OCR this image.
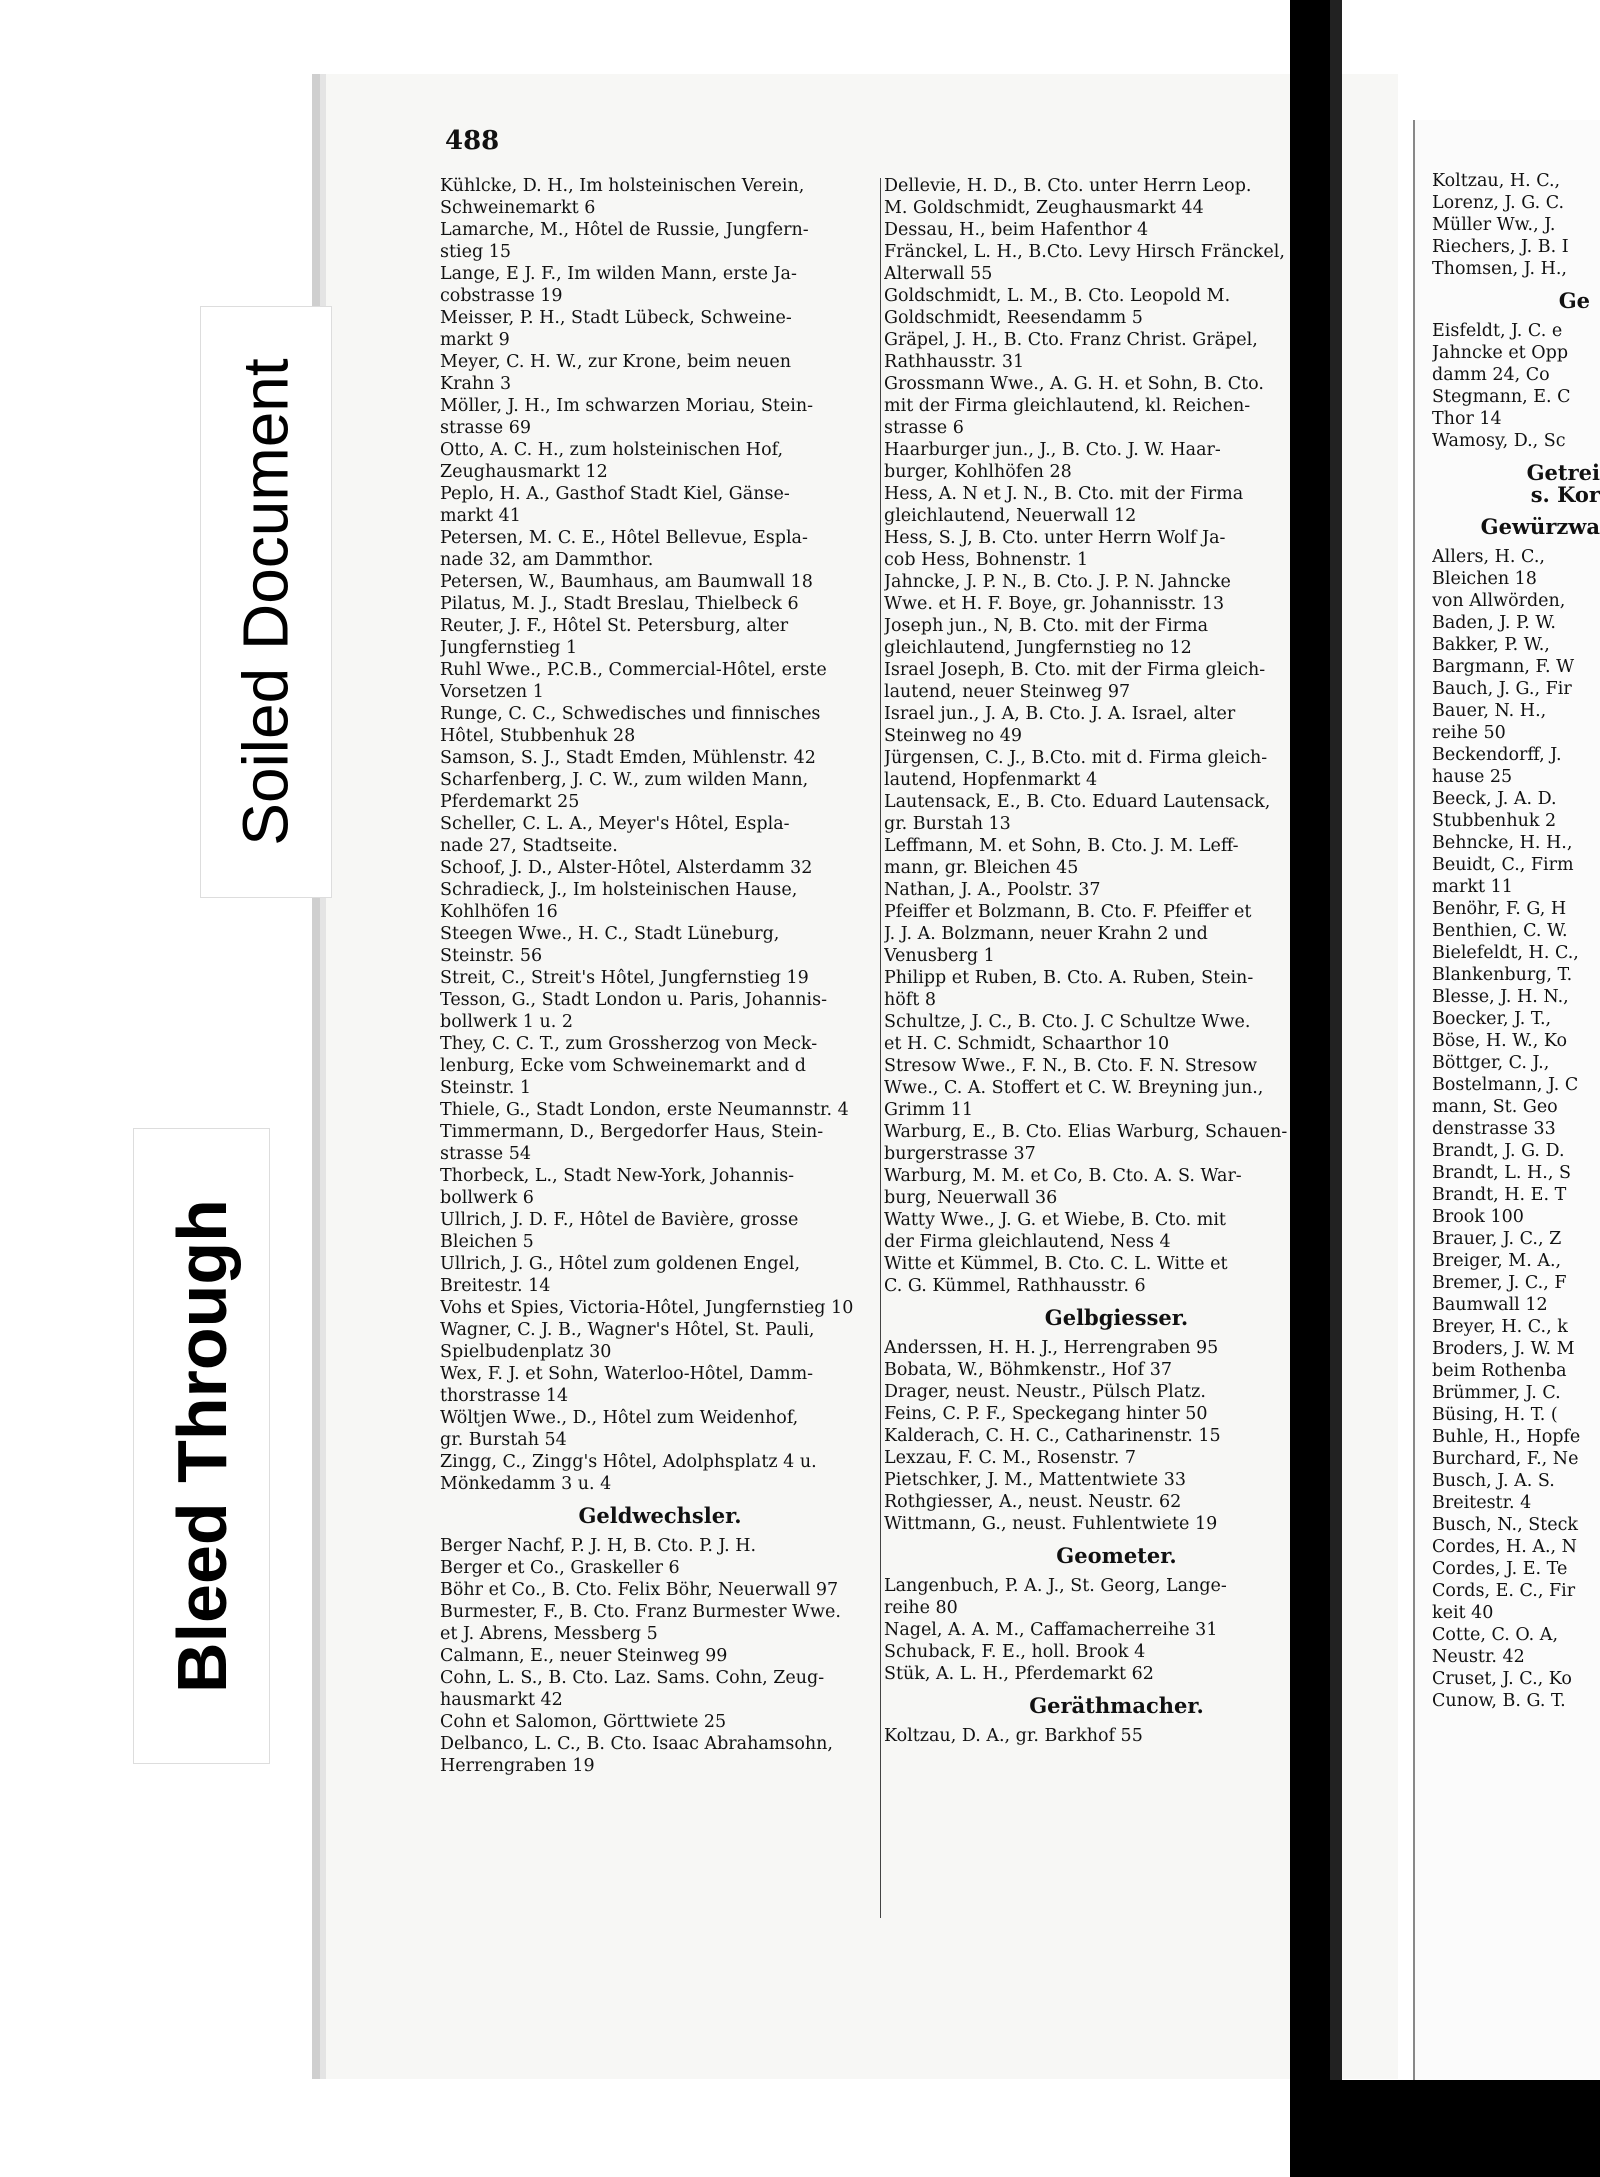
Soiled Document
Bleed Through
488
Kühlcke, D. H., Im holsteinischen Verein,
Schweinemarkt 6
Lamarche, M., Hôtel de Russie, Jungfern-
stieg 15
Lange, E J. F., Im wilden Mann, erste Ja-
cobstrasse 19
Meisser, P. H., Stadt Lübeck, Schweine-
markt 9
Meyer, C. H. W., zur Krone, beim neuen
Krahn 3
Möller, J. H., Im schwarzen Moriau, Stein-
strasse 69
Otto, A. C. H., zum holsteinischen Hof,
Zeughausmarkt 12
Peplo, H. A., Gasthof Stadt Kiel, Gänse-
markt 41
Petersen, M. C. E., Hôtel Bellevue, Espla-
nade 32, am Dammthor.
Petersen, W., Baumhaus, am Baumwall 18
Pilatus, M. J., Stadt Breslau, Thielbeck 6
Reuter, J. F., Hôtel St. Petersburg, alter
Jungfernstieg 1
Ruhl Wwe., P.C.B., Commercial-Hôtel, erste
Vorsetzen 1
Runge, C. C., Schwedisches und finnisches
Hôtel, Stubbenhuk 28
Samson, S. J., Stadt Emden, Mühlenstr. 42
Scharfenberg, J. C. W., zum wilden Mann,
Pferdemarkt 25
Scheller, C. L. A., Meyer's Hôtel, Espla-
nade 27, Stadtseite.
Schoof, J. D., Alster-Hôtel, Alsterdamm 32
Schradieck, J., Im holsteinischen Hause,
Kohlhöfen 16
Steegen Wwe., H. C., Stadt Lüneburg,
Steinstr. 56
Streit, C., Streit's Hôtel, Jungfernstieg 19
Tesson, G., Stadt London u. Paris, Johannis-
bollwerk 1 u. 2
They, C. C. T., zum Grossherzog von Meck-
lenburg, Ecke vom Schweinemarkt and d
Steinstr. 1
Thiele, G., Stadt London, erste Neumannstr. 4
Timmermann, D., Bergedorfer Haus, Stein-
strasse 54
Thorbeck, L., Stadt New-York, Johannis-
bollwerk 6
Ullrich, J. D. F., Hôtel de Bavière, grosse
Bleichen 5
Ullrich, J. G., Hôtel zum goldenen Engel,
Breitestr. 14
Vohs et Spies, Victoria-Hôtel, Jungfernstieg 10
Wagner, C. J. B., Wagner's Hôtel, St. Pauli,
Spielbudenplatz 30
Wex, F. J. et Sohn, Waterloo-Hôtel, Damm-
thorstrasse 14
Wöltjen Wwe., D., Hôtel zum Weidenhof,
gr. Burstah 54
Zingg, C., Zingg's Hôtel, Adolphsplatz 4 u.
Mönkedamm 3 u. 4
Geldwechsler.
Berger Nachf, P. J. H, B. Cto. P. J. H.
Berger et Co., Graskeller 6
Böhr et Co., B. Cto. Felix Böhr, Neuerwall 97
Burmester, F., B. Cto. Franz Burmester Wwe.
et J. Abrens, Messberg 5
Calmann, E., neuer Steinweg 99
Cohn, L. S., B. Cto. Laz. Sams. Cohn, Zeug-
hausmarkt 42
Cohn et Salomon, Görttwiete 25
Delbanco, L. C., B. Cto. Isaac Abrahamsohn,
Herrengraben 19
Dellevie, H. D., B. Cto. unter Herrn Leop.
M. Goldschmidt, Zeughausmarkt 44
Dessau, H., beim Hafenthor 4
Fränckel, L. H., B.Cto. Levy Hirsch Fränckel,
Alterwall 55
Goldschmidt, L. M., B. Cto. Leopold M.
Goldschmidt, Reesendamm 5
Gräpel, J. H., B. Cto. Franz Christ. Gräpel,
Rathhausstr. 31
Grossmann Wwe., A. G. H. et Sohn, B. Cto.
mit der Firma gleichlautend, kl. Reichen-
strasse 6
Haarburger jun., J., B. Cto. J. W. Haar-
burger, Kohlhöfen 28
Hess, A. N et J. N., B. Cto. mit der Firma
gleichlautend, Neuerwall 12
Hess, S. J, B. Cto. unter Herrn Wolf Ja-
cob Hess, Bohnenstr. 1
Jahncke, J. P. N., B. Cto. J. P. N. Jahncke
Wwe. et H. F. Boye, gr. Johannisstr. 13
Joseph jun., N, B. Cto. mit der Firma
gleichlautend, Jungfernstieg no 12
Israel Joseph, B. Cto. mit der Firma gleich-
lautend, neuer Steinweg 97
Israel jun., J. A, B. Cto. J. A. Israel, alter
Steinweg no 49
Jürgensen, C. J., B.Cto. mit d. Firma gleich-
lautend, Hopfenmarkt 4
Lautensack, E., B. Cto. Eduard Lautensack,
gr. Burstah 13
Leffmann, M. et Sohn, B. Cto. J. M. Leff-
mann, gr. Bleichen 45
Nathan, J. A., Poolstr. 37
Pfeiffer et Bolzmann, B. Cto. F. Pfeiffer et
J. J. A. Bolzmann, neuer Krahn 2 und
Venusberg 1
Philipp et Ruben, B. Cto. A. Ruben, Stein-
höft 8
Schultze, J. C., B. Cto. J. C Schultze Wwe.
et H. C. Schmidt, Schaarthor 10
Stresow Wwe., F. N., B. Cto. F. N. Stresow
Wwe., C. A. Stoffert et C. W. Breyning jun.,
Grimm 11
Warburg, E., B. Cto. Elias Warburg, Schauen-
burgerstrasse 37
Warburg, M. M. et Co, B. Cto. A. S. War-
burg, Neuerwall 36
Watty Wwe., J. G. et Wiebe, B. Cto. mit
der Firma gleichlautend, Ness 4
Witte et Kümmel, B. Cto. C. L. Witte et
C. G. Kümmel, Rathhausstr. 6
Gelbgiesser.
Anderssen, H. H. J., Herrengraben 95
Bobata, W., Böhmkenstr., Hof 37
Drager, neust. Neustr., Pülsch Platz.
Feins, C. P. F., Speckegang hinter 50
Kalderach, C. H. C., Catharinenstr. 15
Lexzau, F. C. M., Rosenstr. 7
Pietschker, J. M., Mattentwiete 33
Rothgiesser, A., neust. Neustr. 62
Wittmann, G., neust. Fuhlentwiete 19
Geometer.
Langenbuch, P. A. J., St. Georg, Lange-
reihe 80
Nagel, A. A. M., Caffamacherreihe 31
Schuback, F. E., holl. Brook 4
Stük, A. L. H., Pferdemarkt 62
Geräthmacher.
Koltzau, D. A., gr. Barkhof 55
Koltzau, H. C.,
Lorenz, J. G. C.
Müller Ww., J.
Riechers, J. B. I
Thomsen, J. H.,
Ge
Eisfeldt, J. C. e
Jahncke et Opp
damm 24, Co
Stegmann, E. C
Thor 14
Wamosy, D., Sc
Getrei
s. Kor
Gewürzwa
Allers, H. C.,
Bleichen 18
von Allwörden,
Baden, J. P. W.
Bakker, P. W.,
Bargmann, F. W
Bauch, J. G., Fir
Bauer, N. H.,
reihe 50
Beckendorff, J.
hause 25
Beeck, J. A. D.
Stubbenhuk 2
Behncke, H. H.,
Beuidt, C., Firm
markt 11
Benöhr, F. G, H
Benthien, C. W.
Bielefeldt, H. C.,
Blankenburg, T.
Blesse, J. H. N.,
Boecker, J. T.,
Böse, H. W., Ko
Böttger, C. J.,
Bostelmann, J. C
mann, St. Geo
denstrasse 33
Brandt, J. G. D.
Brandt, L. H., S
Brandt, H. E. T
Brook 100
Brauer, J. C., Z
Breiger, M. A.,
Bremer, J. C., F
Baumwall 12
Breyer, H. C., k
Broders, J. W. M
beim Rothenba
Brümmer, J. C.
Büsing, H. T. (
Buhle, H., Hopfe
Burchard, F., Ne
Busch, J. A. S.
Breitestr. 4
Busch, N., Steck
Cordes, H. A., N
Cordes, J. E. Te
Cords, E. C., Fir
keit 40
Cotte, C. O. A,
Neustr. 42
Cruset, J. C., Ko
Cunow, B. G. T.
